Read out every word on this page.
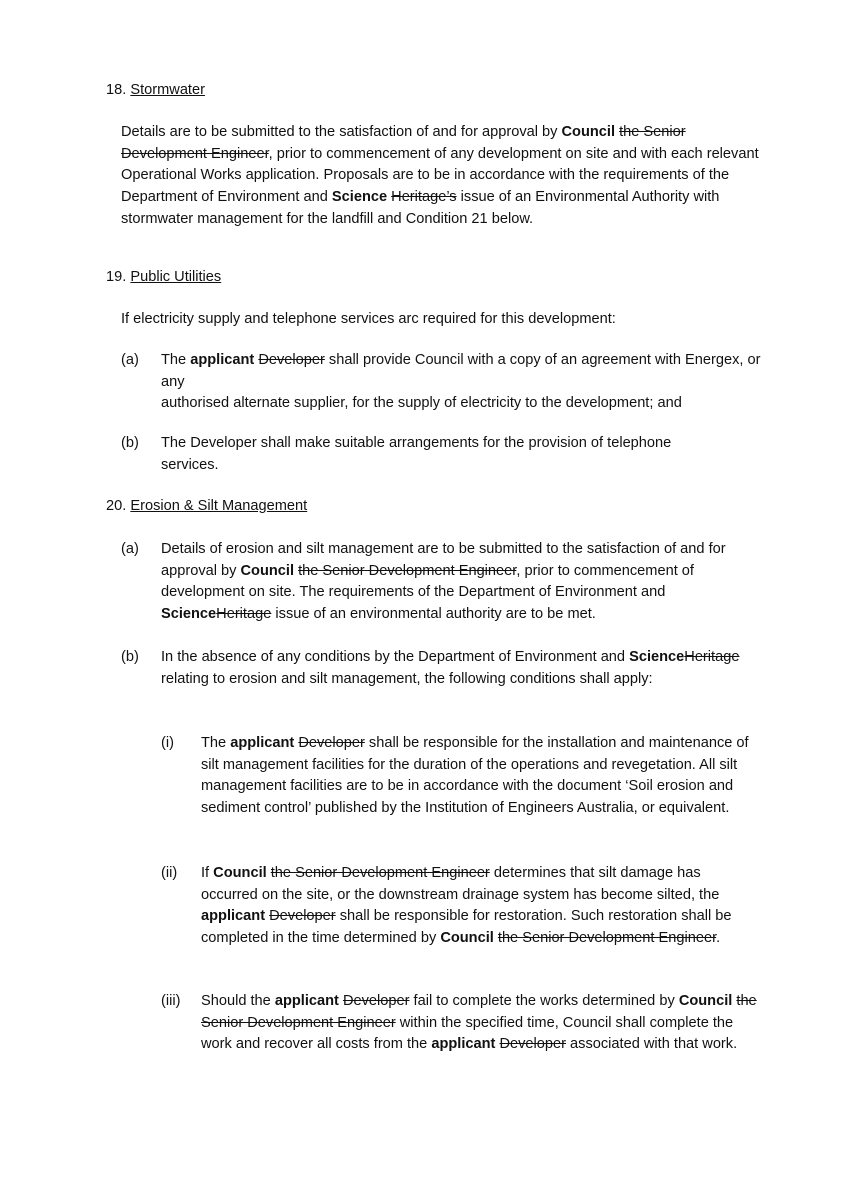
18. Stormwater
Details are to be submitted to the satisfaction of and for approval by Council the Senior Development Engineer, prior to commencement of any development on site and with each relevant Operational Works application. Proposals are to be in accordance with the requirements of the Department of Environment and Science Heritage’s issue of an Environmental Authority with stormwater management for the landfill and Condition 21 below.
19. Public Utilities
If electricity supply and telephone services arc required for this development:
(a) The applicant Developer shall provide Council with a copy of an agreement with Energex, or any
authorised alternate supplier, for the supply of electricity to the development; and
(b) The Developer shall make suitable arrangements for the provision of telephone services.
20. Erosion & Silt Management
(a) Details of erosion and silt management are to be submitted to the satisfaction of and for approval by Council the Senior Development Engineer, prior to commencement of development on site. The requirements of the Department of Environment and ScienceHeritage issue of an environmental authority are to be met.
(b) In the absence of any conditions by the Department of Environment and ScienceHeritage relating to erosion and silt management, the following conditions shall apply:
(i) The applicant Developer shall be responsible for the installation and maintenance of silt management facilities for the duration of the operations and revegetation. All silt management facilities are to be in accordance with the document ‘Soil erosion and sediment control’ published by the Institution of Engineers Australia, or equivalent.
(ii) If Council the Senior Development Engineer determines that silt damage has occurred on the site, or the downstream drainage system has become silted, the applicant Developer shall be responsible for restoration. Such restoration shall be completed in the time determined by Council the Senior Development Engineer.
(iii) Should the applicant Developer fail to complete the works determined by Council the Senior Development Engineer within the specified time, Council shall complete the work and recover all costs from the applicant Developer associated with that work.
